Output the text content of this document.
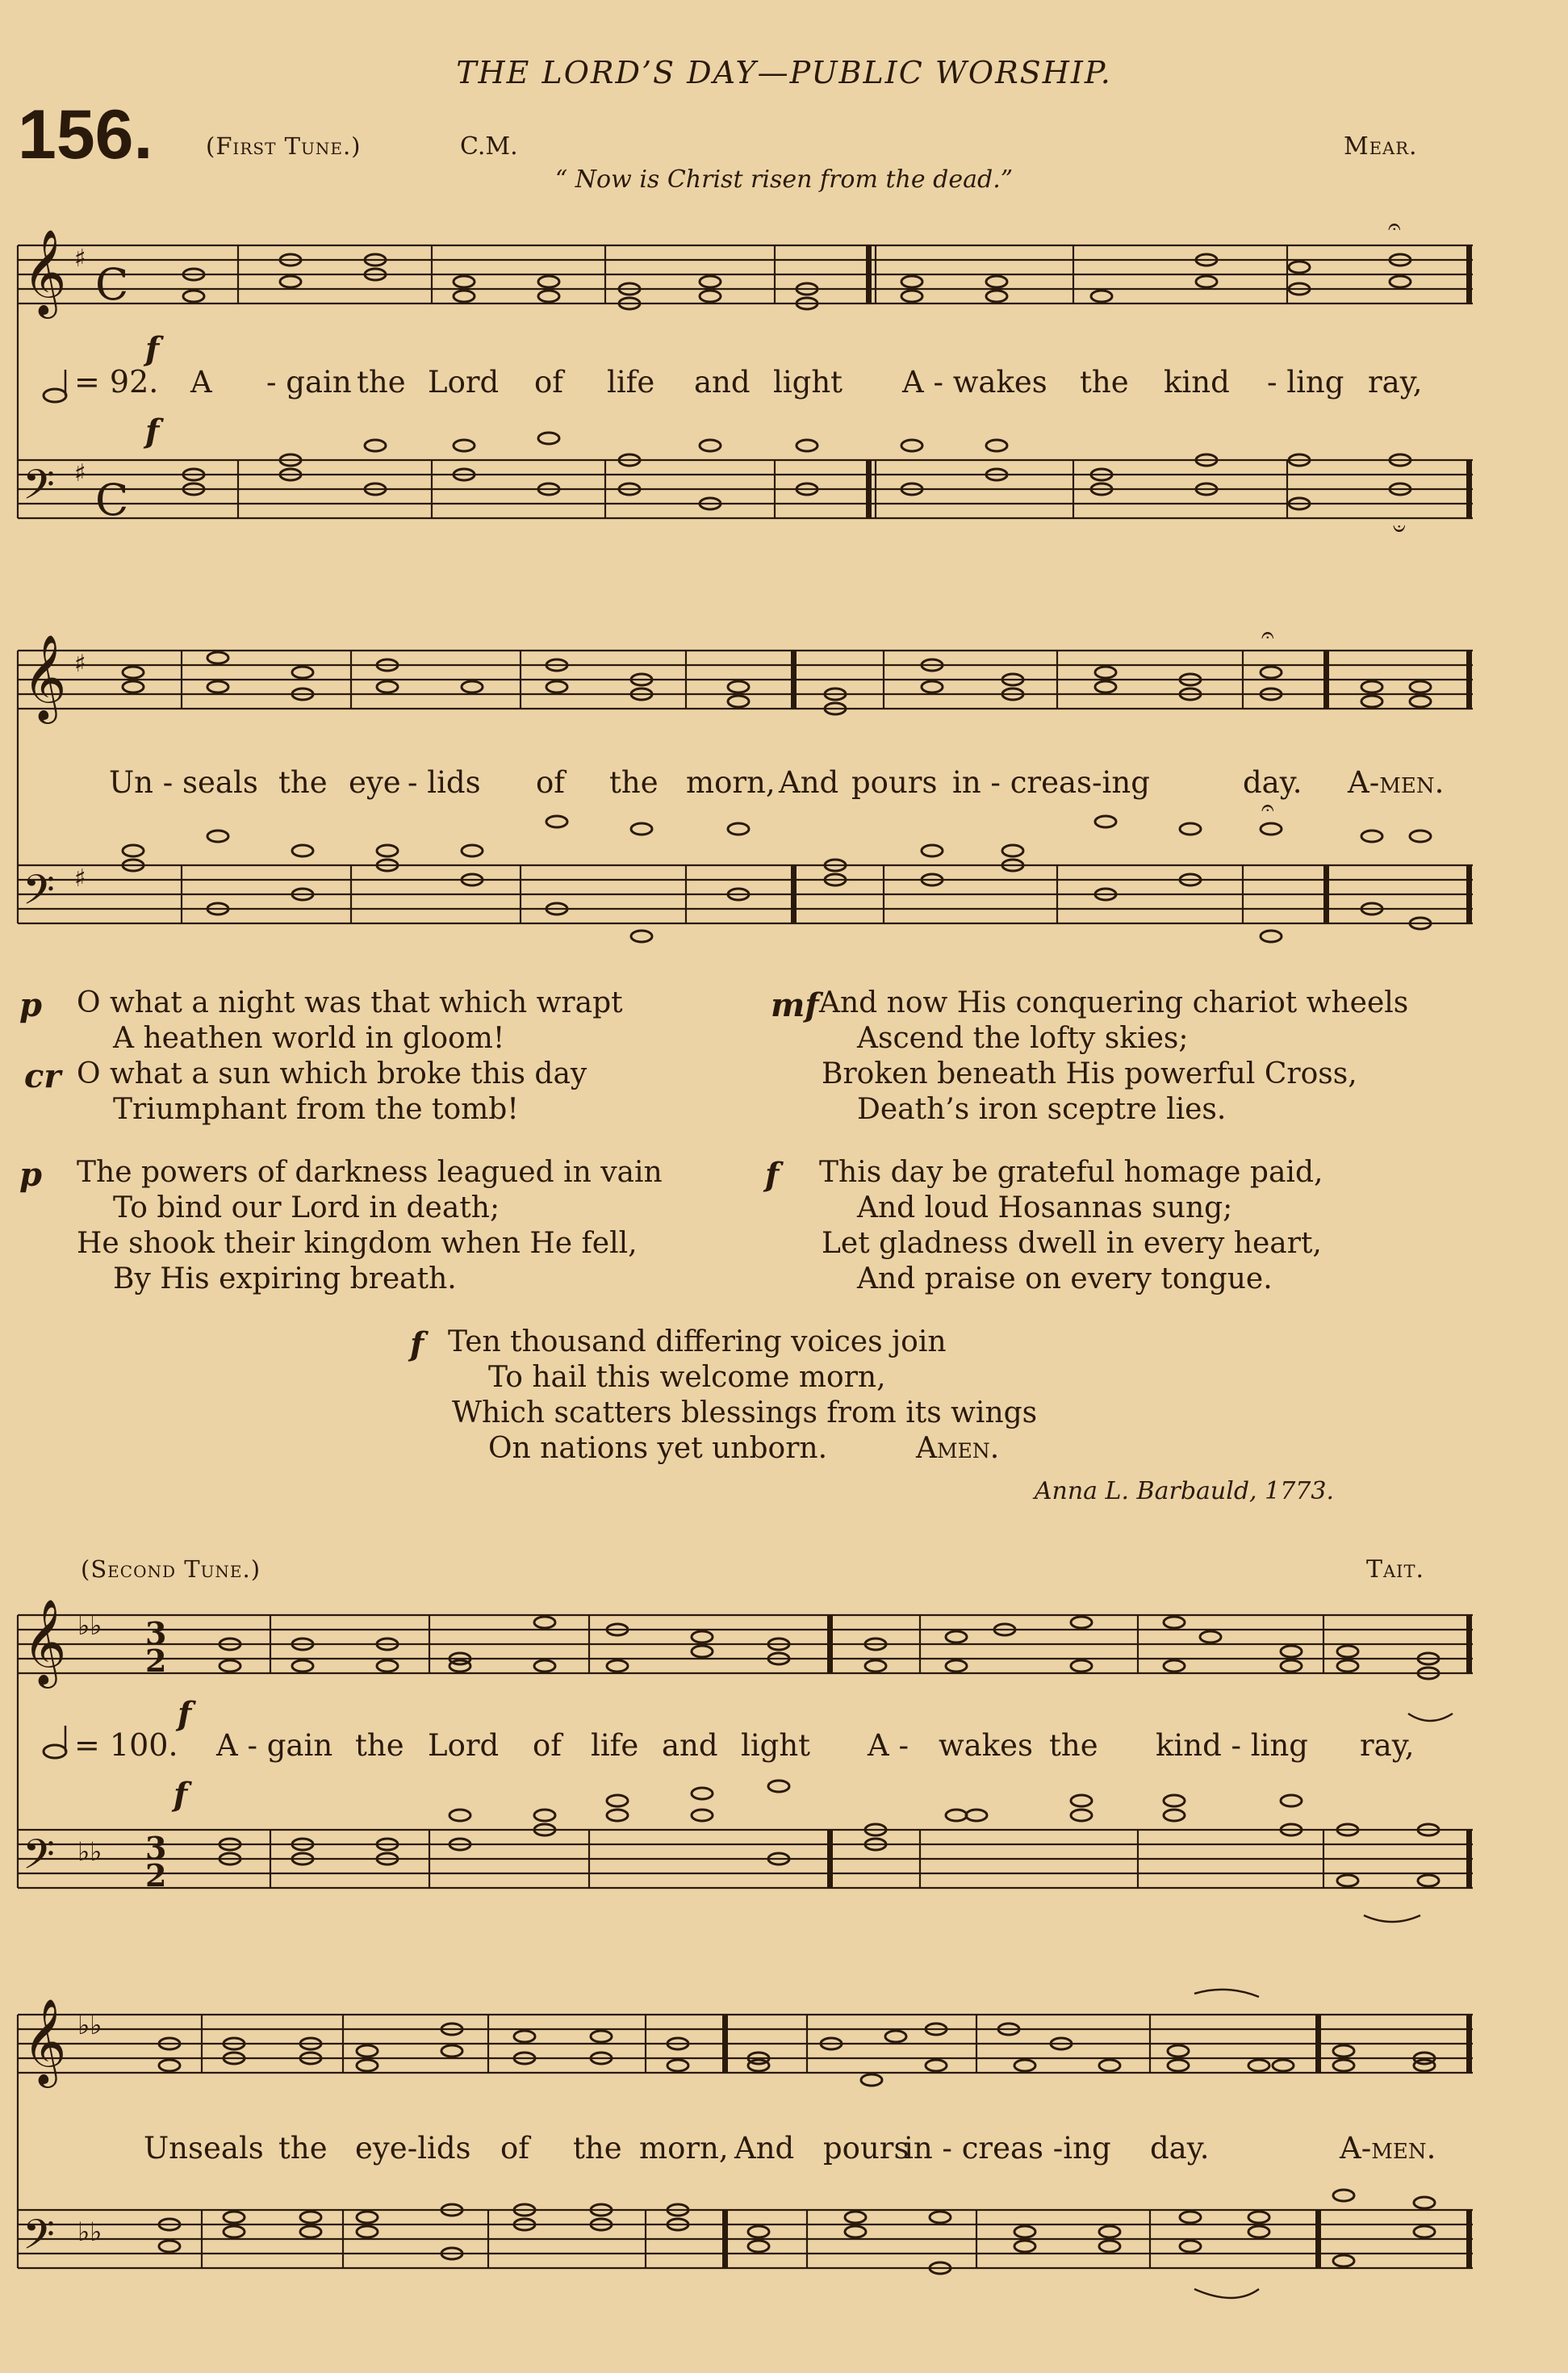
THE LORD’S DAY—PUBLIC WORSHIP.
156. (First Tune.)	C.M.	Mear.
“ Now is Christ risen from the dead.”
𝄞
𝄢
♯
♯
C
C
f
f
𝄐
= 92. A - gain the Lord of life and light A - wakes the kind - ling ray,
𝄑
𝄞
𝄢
♯
♯
𝄐
𝄐
Un - seals the eye - lids of the morn, And pours in - creas-ing	day. A-men.
p O what a night was that which wrapt
A heathen world in gloom!
cr O what a sun which broke this day
Triumphant from the tomb!
mf And now His conquering chariot wheels
Ascend the lofty skies;
Broken beneath His powerful Cross,
Death’s iron sceptre lies.
p The powers of darkness leagued in vain
To bind our Lord in death;
He shook their kingdom when He fell,
By His expiring breath.
f This day be grateful homage paid,
And loud Hosannas sung;
Let gladness dwell in every heart,
And praise on every tongue.
f Ten thousand differing voices join
To hail this welcome morn,
Which scatters blessings from its wings
On nations yet unborn.	Amen.
Anna L. Barbauld, 1773.
(Second Tune.)	Tait.
𝄞
𝄢
♭♭
♭♭
3
2
3
2
f
f
= 100. A - gain the Lord of life and light A - wakes the kind - ling ray,
𝄞
𝄢
♭♭
♭♭
Unseals the eye-lids of the morn, And pours
in - creas -ing day.	A-men.
